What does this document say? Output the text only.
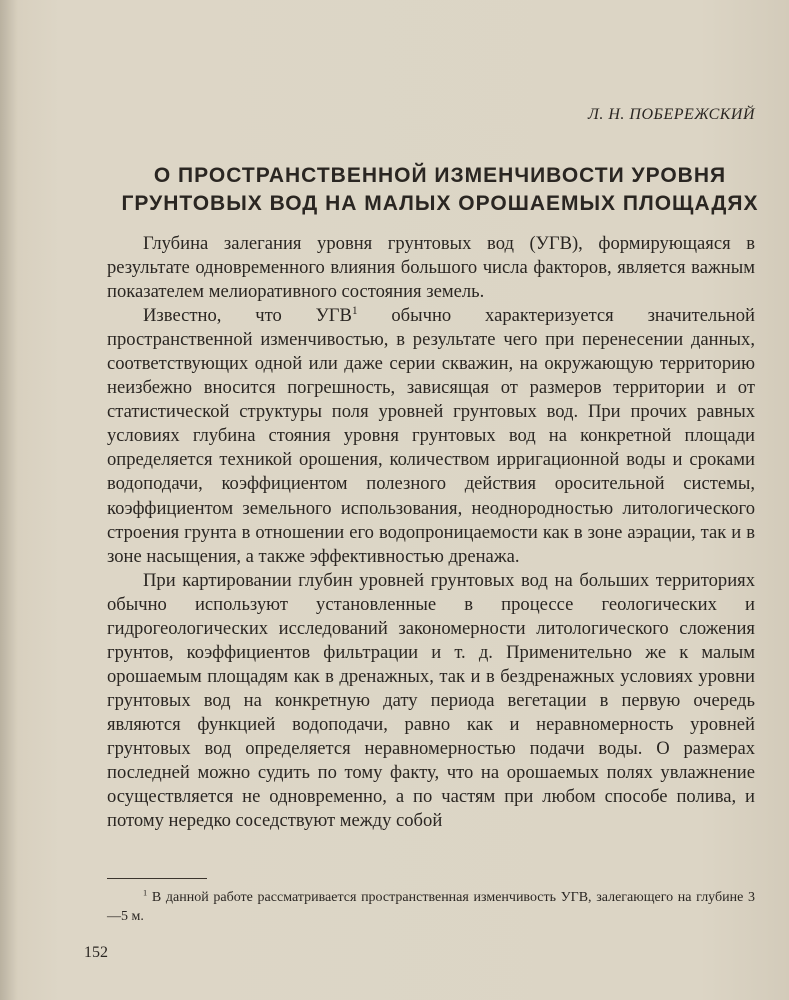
Л. Н. ПОБЕРЕЖСКИЙ
О ПРОСТРАНСТВЕННОЙ ИЗМЕНЧИВОСТИ УРОВНЯ
ГРУНТОВЫХ ВОД НА МАЛЫХ ОРОШАЕМЫХ ПЛОЩАДЯХ

Глубина залегания уровня грунтовых вод (УГВ), формирующаяся в результате одновременного влияния большого числа факторов, является важным показателем мелиоративного состояния земель.

Известно, что УГВ$^1$ обычно характеризуется значительной пространственной изменчивостью, в результате чего при перенесении данных, соответствующих одной или даже серии скважин, на окружающую территорию неизбежно вносится погрешность, зависящая от размеров территории и от статистической структуры поля уровней грунтовых вод. При прочих равных условиях глубина стояния уровня грунтовых вод на конкретной площади определяется техникой орошения, количеством ирригационной воды и сроками водоподачи, коэффициентом полезного действия оросительной системы, коэффициентом земельного использования, неоднородностью литологического строения грунта в отношении его водопроницаемости как в зоне аэрации, так и в зоне насыщения, а также эффективностью дренажа.

При картировании глубин уровней грунтовых вод на больших территориях обычно используют установленные в процессе геологических и гидрогеологических исследований закономерности литологического сложения грунтов, коэффициентов фильтрации и т. д. Применительно же к малым орошаемым площадям как в дренажных, так и в бездренажных условиях уровни грунтовых вод на конкретную дату периода вегетации в первую очередь являются функцией водоподачи, равно как и неравномерность уровней грунтовых вод определяется неравномерностью подачи воды. О размерах последней можно судить по тому факту, что на орошаемых полях увлажнение осуществляется не одновременно, а по частям при любом способе полива, и потому нередко соседствуют между собой

$^1$ В данной работе рассматривается пространственная изменчивость УГВ, залегающего на глубине 3—5 м.
152
